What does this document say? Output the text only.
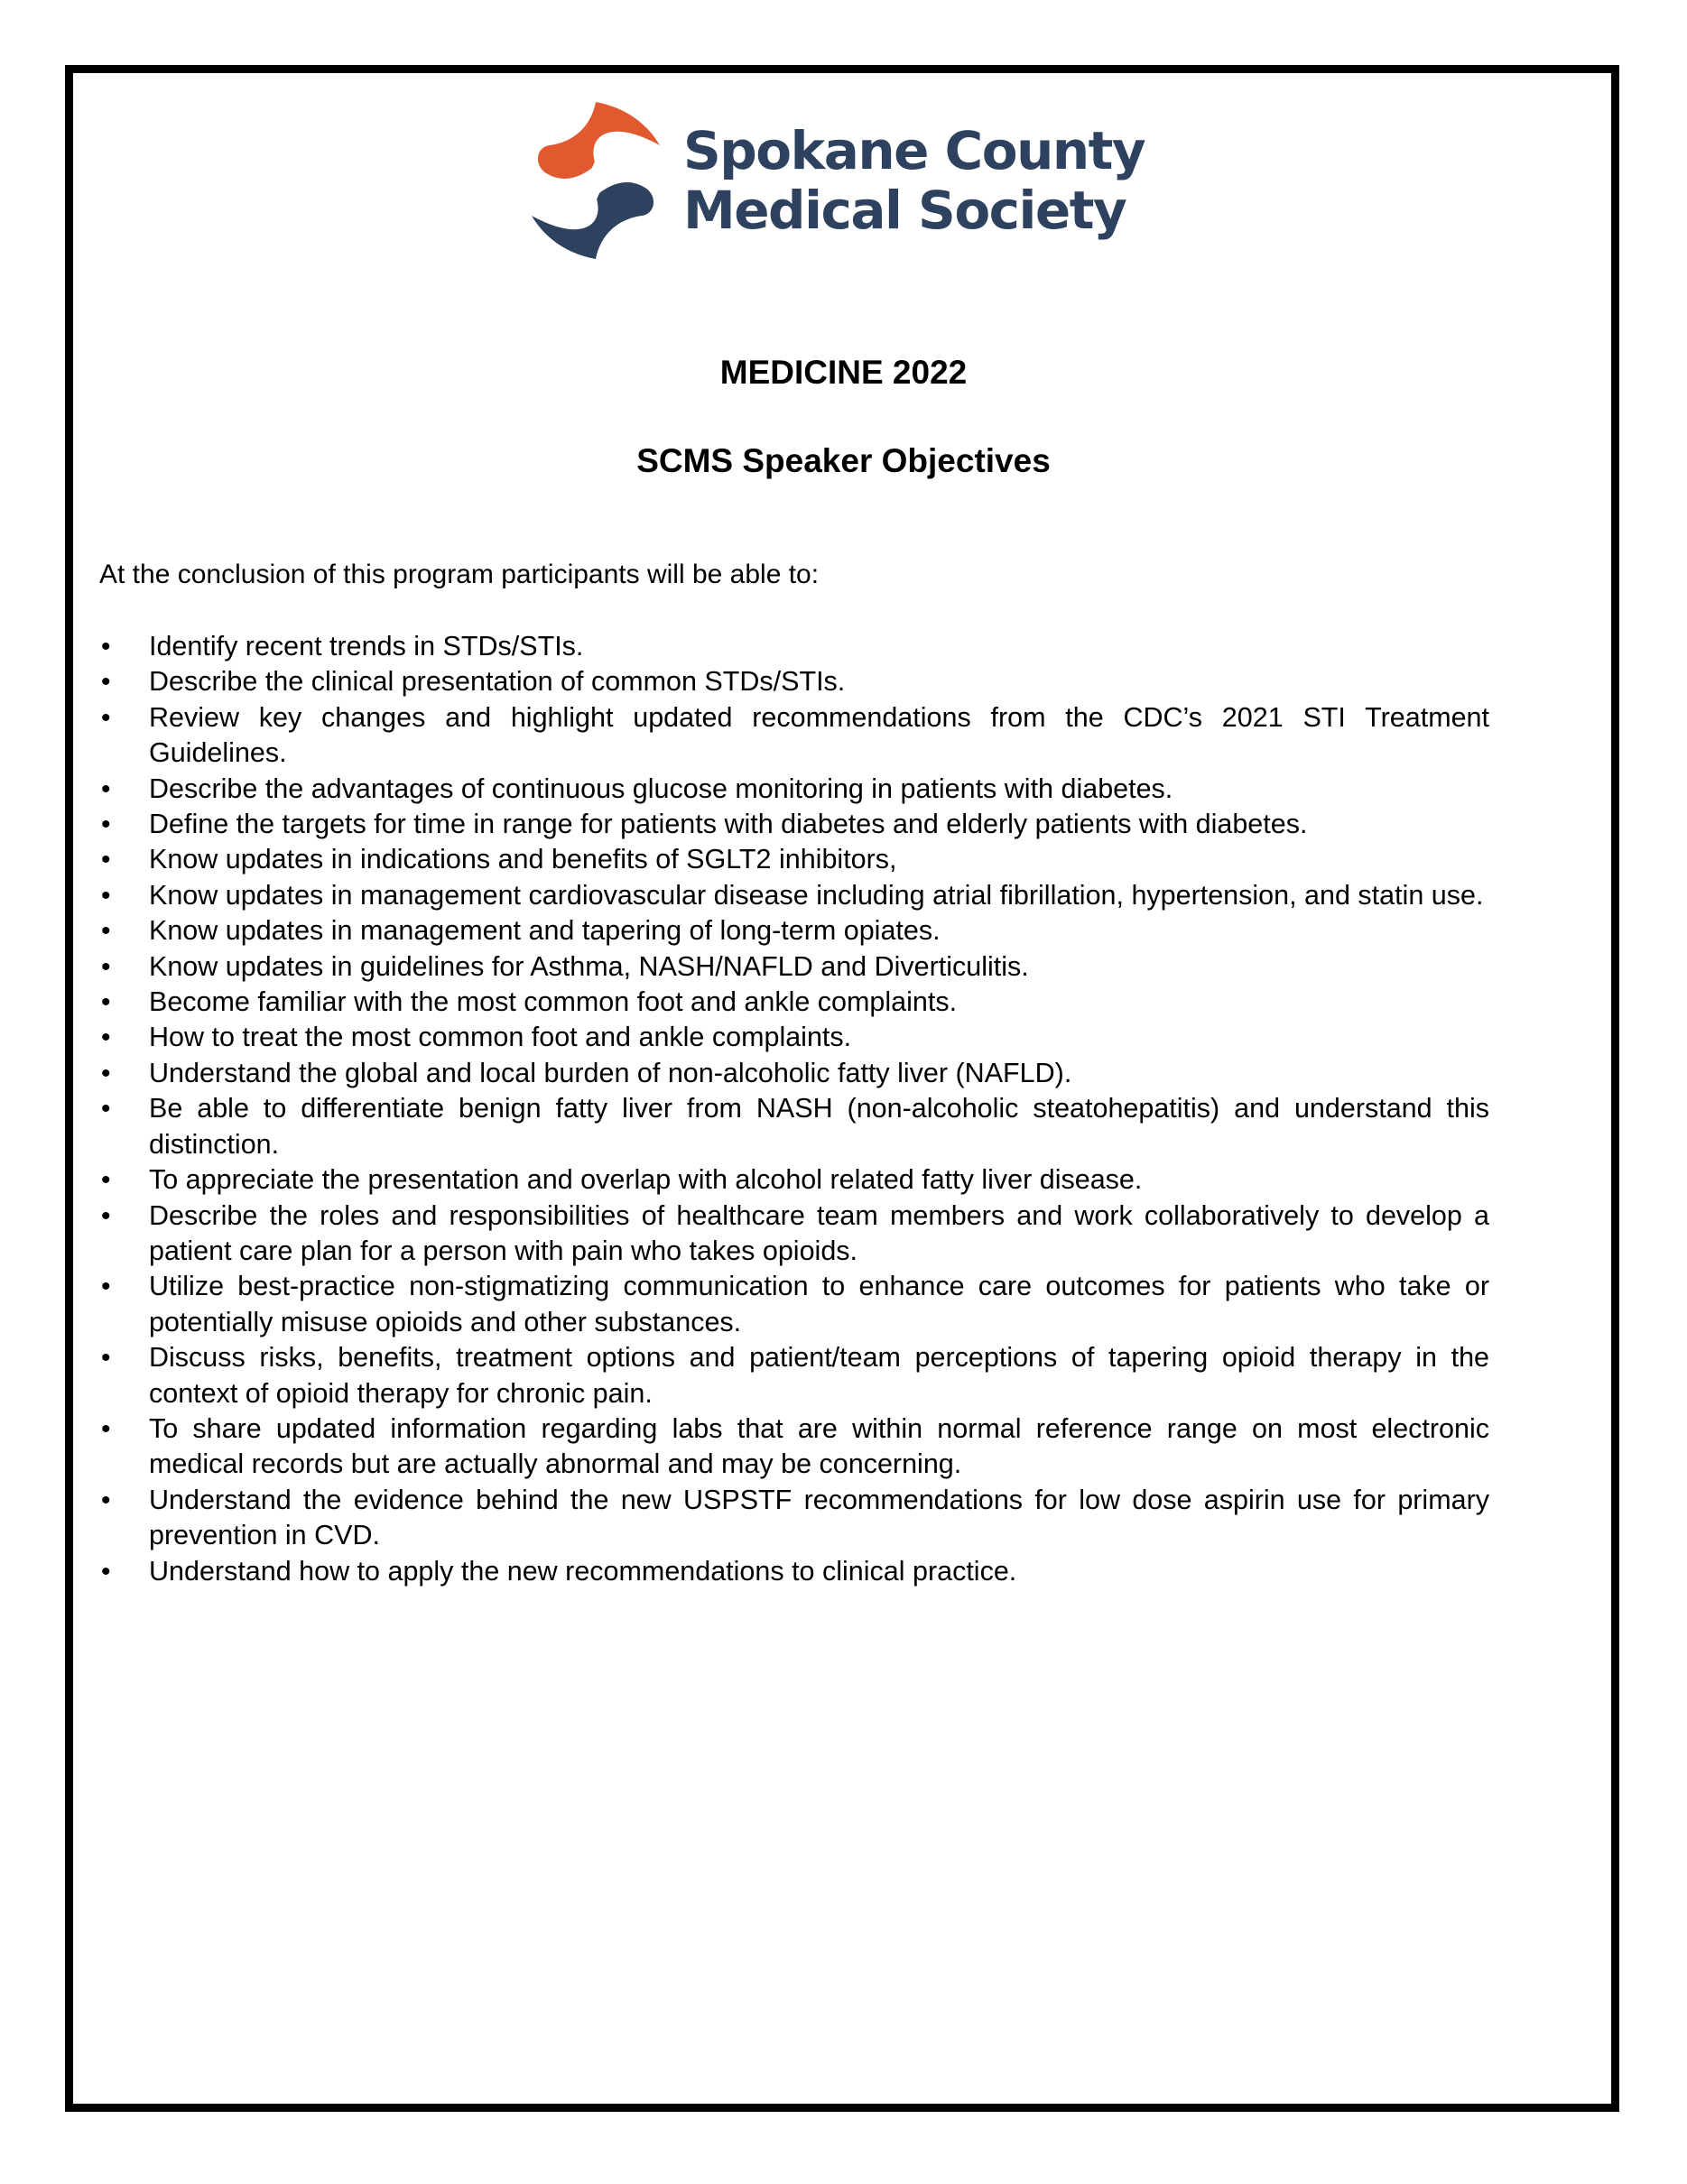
Spokane County
Medical Society
MEDICINE 2022
SCMS Speaker Objectives

At the conclusion of this program participants will be able to:

• Identify recent trends in STDs/STIs.
• Describe the clinical presentation of common STDs/STIs.
• Review key changes and highlight updated recommendations from the CDC’s 2021 STI Treatment Guidelines.
• Describe the advantages of continuous glucose monitoring in patients with diabetes.
• Define the targets for time in range for patients with diabetes and elderly patients with diabetes.
• Know updates in indications and benefits of SGLT2 inhibitors,
• Know updates in management cardiovascular disease including atrial fibrillation, hypertension, and statin use.
• Know updates in management and tapering of long-term opiates.
• Know updates in guidelines for Asthma, NASH/NAFLD and Diverticulitis.
• Become familiar with the most common foot and ankle complaints.
• How to treat the most common foot and ankle complaints.
• Understand the global and local burden of non-alcoholic fatty liver (NAFLD).
• Be able to differentiate benign fatty liver from NASH (non-alcoholic steatohepatitis) and understand this distinction.
• To appreciate the presentation and overlap with alcohol related fatty liver disease.
• Describe the roles and responsibilities of healthcare team members and work collaboratively to develop a patient care plan for a person with pain who takes opioids.
• Utilize best-practice non-stigmatizing communication to enhance care outcomes for patients who take or potentially misuse opioids and other substances.
• Discuss risks, benefits, treatment options and patient/team perceptions of tapering opioid therapy in the context of opioid therapy for chronic pain.
• To share updated information regarding labs that are within normal reference range on most electronic medical records but are actually abnormal and may be concerning.
• Understand the evidence behind the new USPSTF recommendations for low dose aspirin use for primary prevention in CVD.
• Understand how to apply the new recommendations to clinical practice.
